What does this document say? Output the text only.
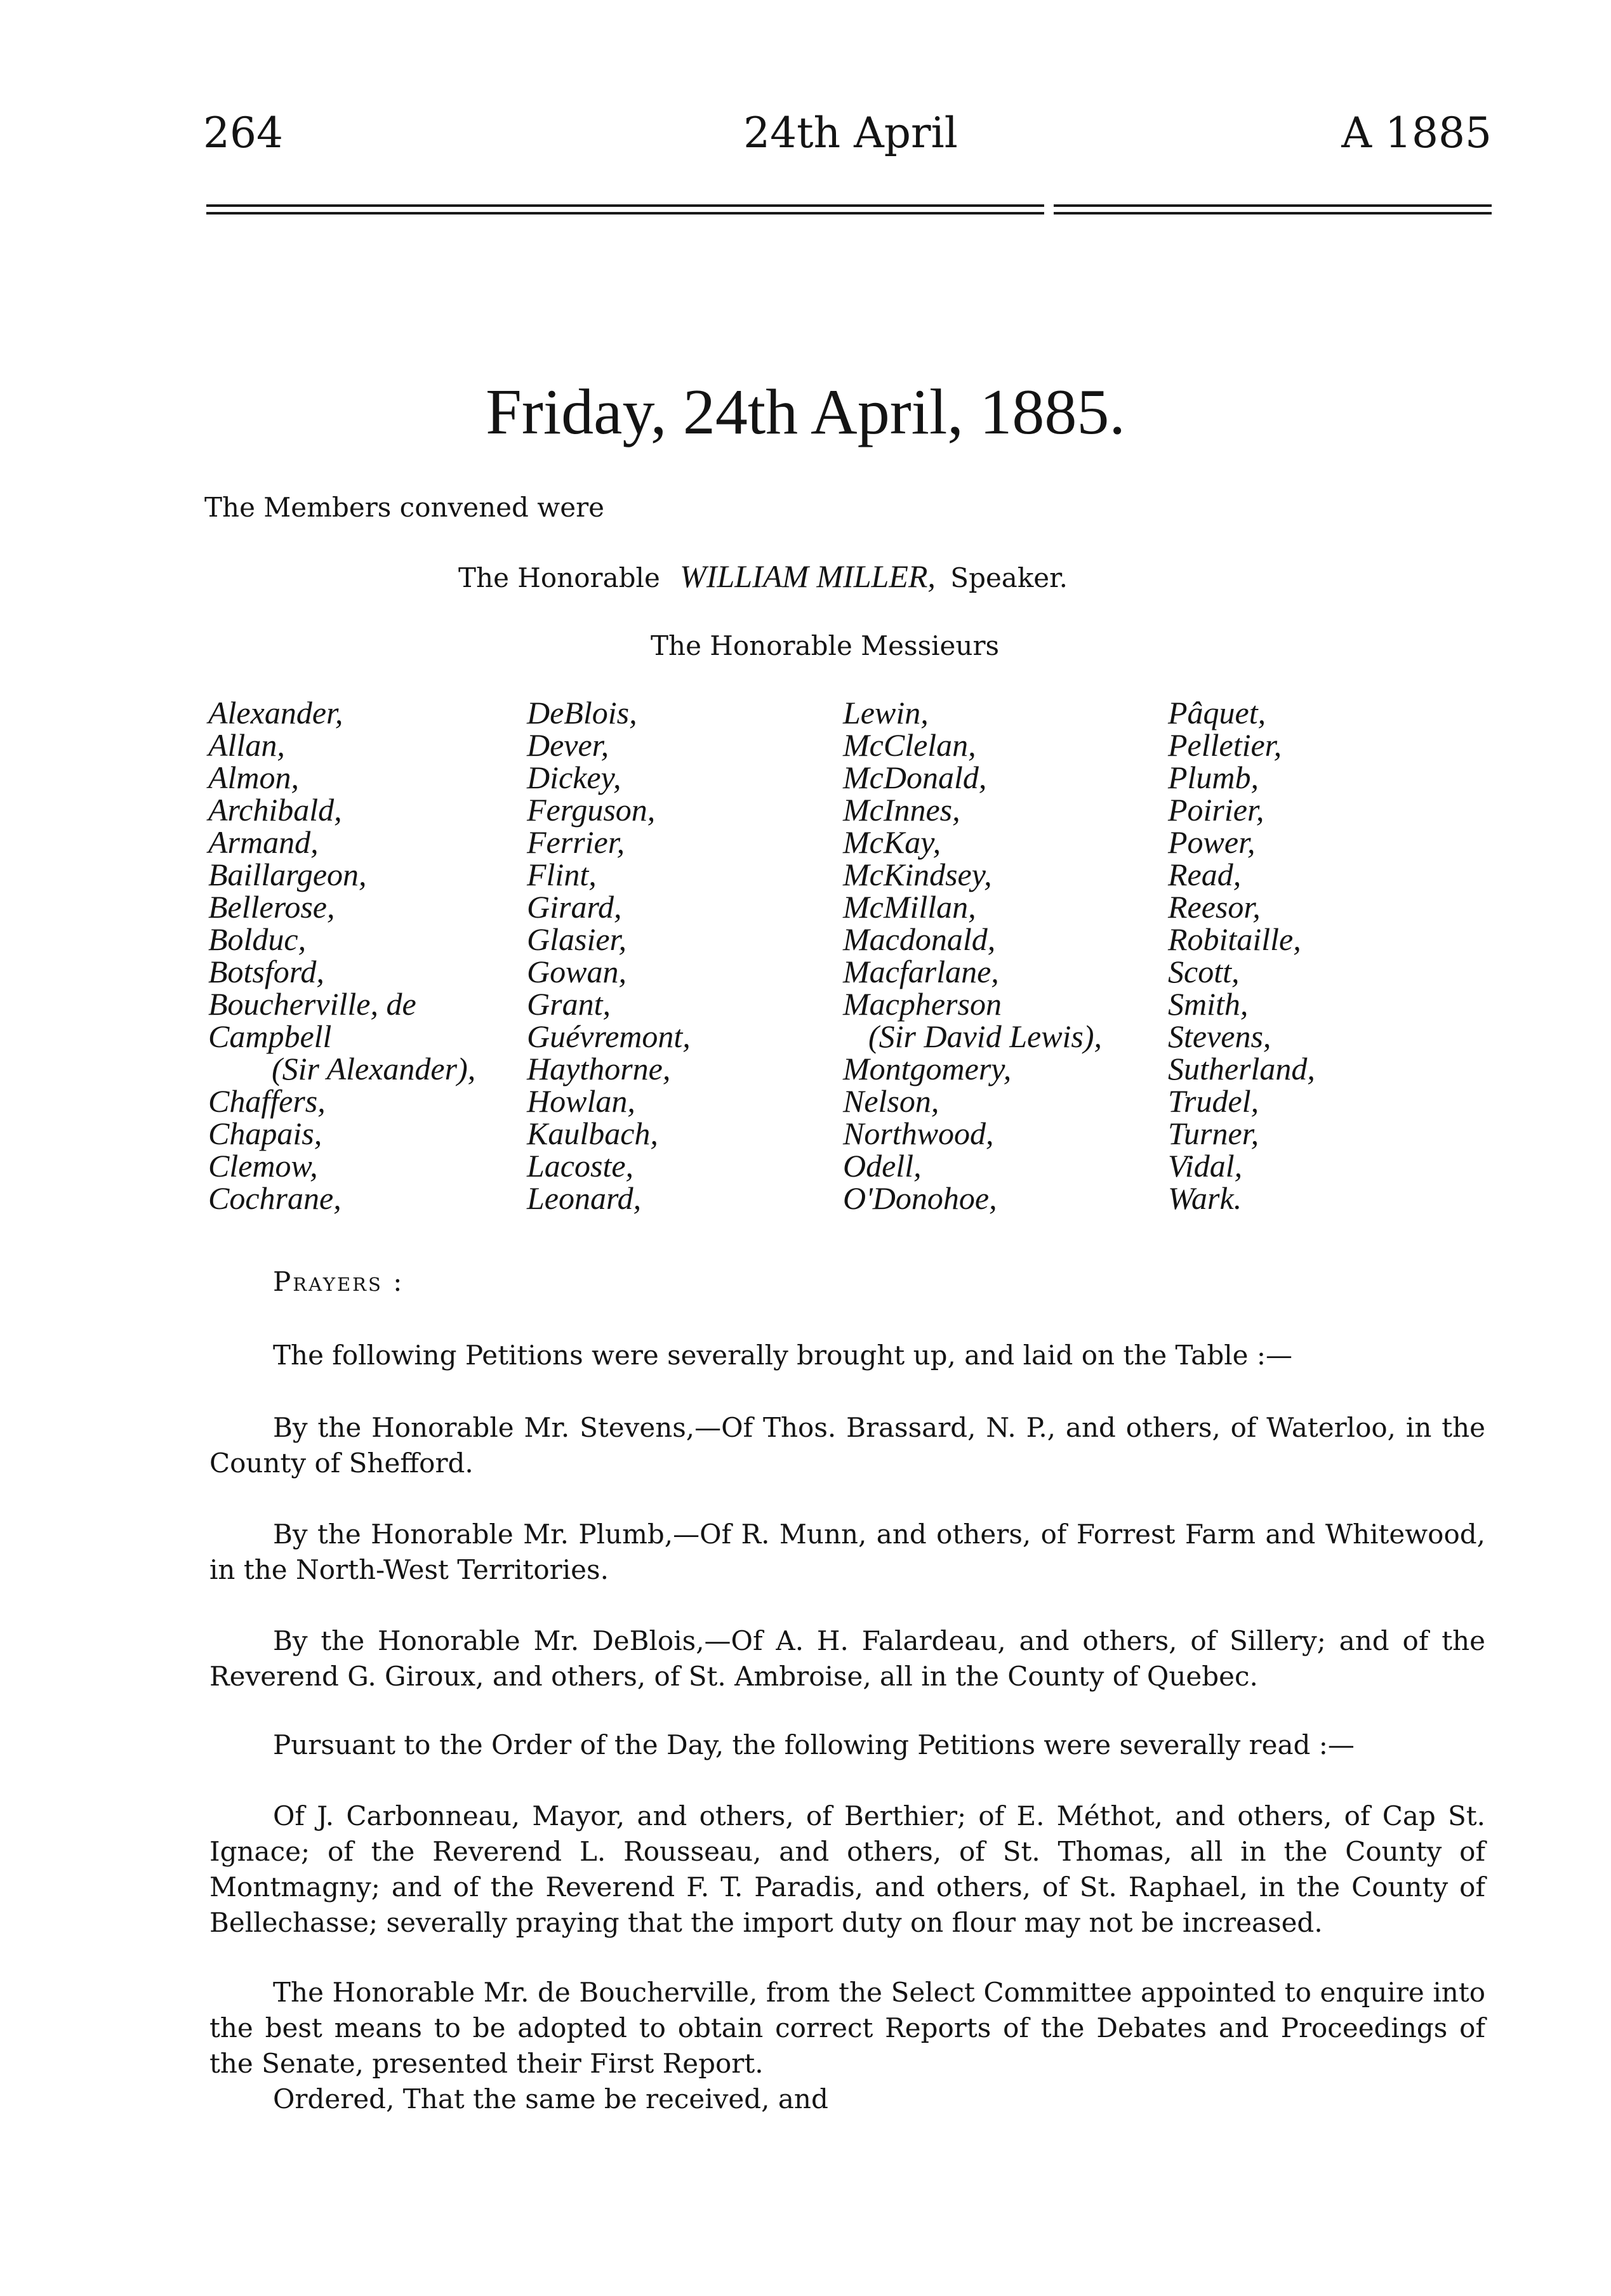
264	24th April	A 1885
Friday, 24th April, 1885.
The Members convened were
The Honorable WILLIAM MILLER, Speaker.
The Honorable Messieurs
Alexander,
Allan,
Almon,
Archibald,
Armand,
Baillargeon,
Bellerose,
Bolduc,
Botsford,
Boucherville, de
Campbell
(Sir Alexander),
Chaffers,
Chapais,
Clemow,
Cochrane,
DeBlois,
Dever,
Dickey,
Ferguson,
Ferrier,
Flint,
Girard,
Glasier,
Gowan,
Grant,
Guévremont,
Haythorne,
Howlan,
Kaulbach,
Lacoste,
Leonard,
Lewin,
McClelan,
McDonald,
McInnes,
McKay,
McKindsey,
McMillan,
Macdonald,
Macfarlane,
Macpherson
(Sir David Lewis),
Montgomery,
Nelson,
Northwood,
Odell,
O'Donohoe,
Pâquet,
Pelletier,
Plumb,
Poirier,
Power,
Read,
Reesor,
Robitaille,
Scott,
Smith,
Stevens,
Sutherland,
Trudel,
Turner,
Vidal,
Wark.
Prayers :
The following Petitions were severally brought up, and laid on the Table :—
By the Honorable Mr. Stevens,—Of Thos. Brassard, N. P., and others, of Waterloo, in the County of Shefford.
By the Honorable Mr. Plumb,—Of R. Munn, and others, of Forrest Farm and Whitewood, in the North-West Territories.
By the Honorable Mr. DeBlois,—Of A. H. Falardeau, and others, of Sillery; and of the Reverend G. Giroux, and others, of St. Ambroise, all in the County of Quebec.
Pursuant to the Order of the Day, the following Petitions were severally read :—
Of J. Carbonneau, Mayor, and others, of Berthier; of E. Méthot, and others, of Cap St. Ignace; of the Reverend L. Rousseau, and others, of St. Thomas, all in the County of Montmagny; and of the Reverend F. T. Paradis, and others, of St. Raphael, in the County of Bellechasse; severally praying that the import duty on flour may not be increased.
The Honorable Mr. de Boucherville, from the Select Committee appointed to enquire into the best means to be adopted to obtain correct Reports of the Debates and Proceedings of the Senate, presented their First Report.
Ordered, That the same be received, and
